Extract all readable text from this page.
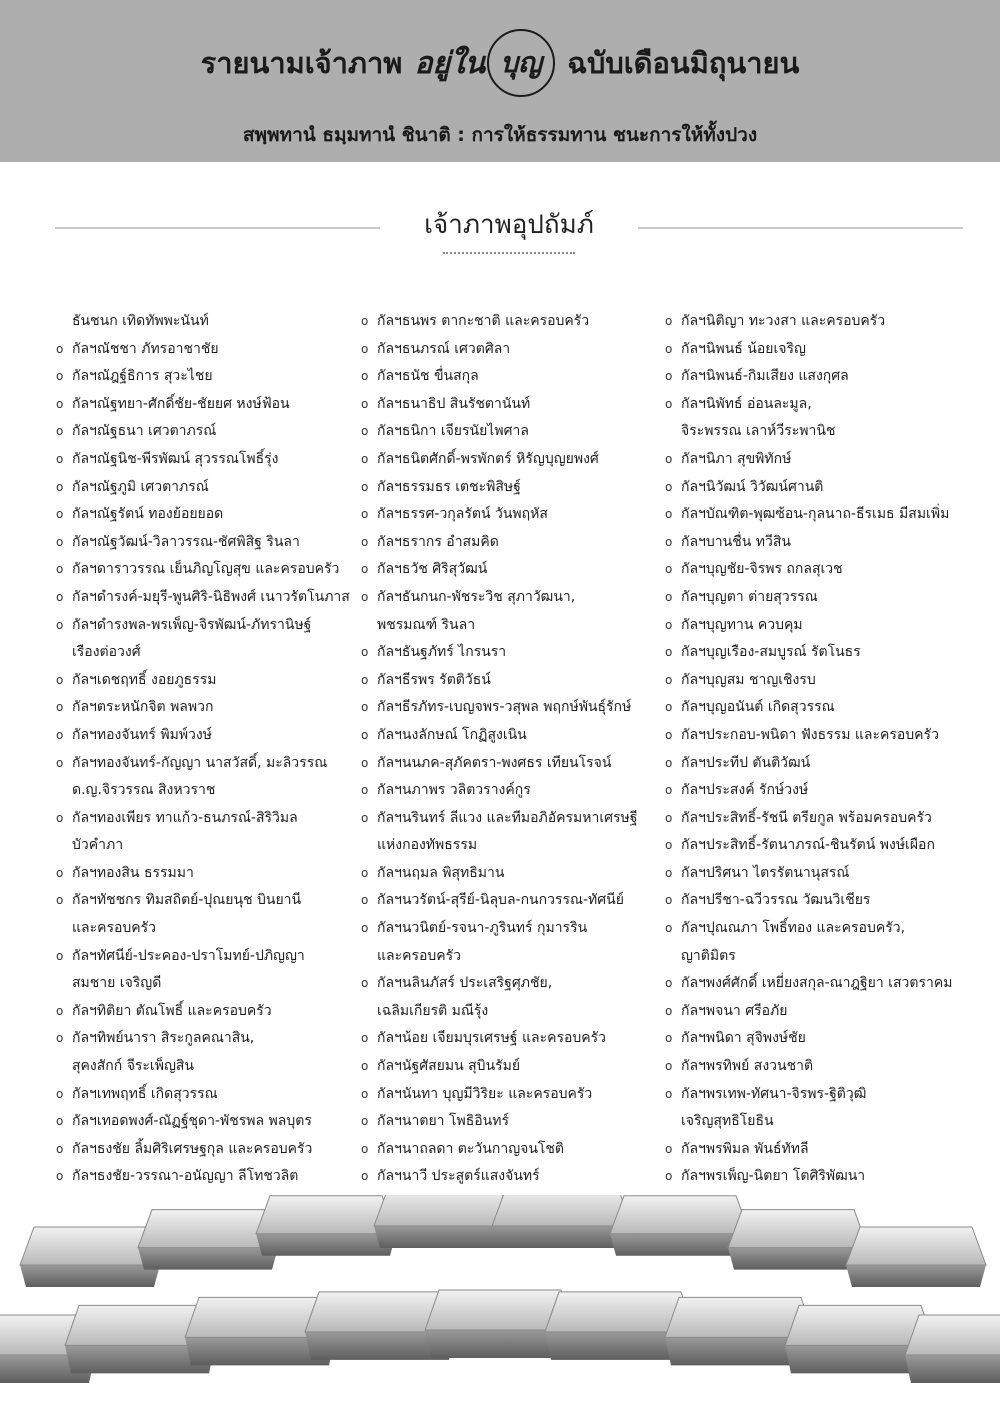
รายนามเจ้าภาพ อยู่ใน บุญ ฉบับเดือนมิถุนายน
สพฺพทานํ ธมฺมทานํ ชินาติ : การให้ธรรมทาน ชนะการให้ทั้งปวง
เจ้าภาพอุปถัมภ์
ธันชนก เทิดทัพพะนันท์
o กัลฯณัชชา ภัทรอาชาชัย
o กัลฯณัฎฐ์ธิการ สุวะไชย
o กัลฯณัฐทยา-ศักดิ์ชัย-ชัยยศ หงษ์ฟ้อน
o กัลฯณัฐธนา เศวตาภรณ์
o กัลฯณัฐนิช-พีรพัฒน์ สุวรรณโพธิ์รุ่ง
o กัลฯณัฐภูมิ เศวตาภรณ์
o กัลฯณัฐรัตน์ ทองย้อยยอด
o กัลฯณัฐวัฒน์-วิลาวรรณ-ชัศพิสิฐ รินลา
o กัลฯดาราวรรณ เย็นภิญโญสุข และครอบครัว
o กัลฯดำรงค์-มยุรี-พูนศิริ-นิธิพงศ์ เนาวรัตโนภาส
o กัลฯดำรงพล-พรเพ็ญ-จิรพัฒน์-ภัทรานิษฐ์
เรืองต่อวงศ์
o กัลฯเดชฤทธิ์ งอยภูธรรม
o กัลฯตระหนักจิต พลพวก
o กัลฯทองจันทร์ พิมพ์วงษ์
o กัลฯทองจันทร์-กัญญา นาสวัสดิ์, มะลิวรรณ
ด.ญ.จิรวรรณ สิงหวราช
o กัลฯทองเพียร ทาแก้ว-ธนภรณ์-สิริวิมล
บัวคำภา
o กัลฯทองสิน ธรรมมา
o กัลฯทัชชกร ทิมสถิตย์-ปุณยนุช บินยานี
และครอบครัว
o กัลฯทัศนีย์-ประคอง-ปราโมทย์-ปภิญญา
สมชาย เจริญดี
o กัลฯทิติยา ตัณโพธิ์ และครอบครัว
o กัลฯทิพย์นารา สิระกูลคณาสิน,
สุคงสักก์ จีระเพ็ญสิน
o กัลฯเทพฤทธิ์ เกิดสุวรรณ
o กัลฯเทอดพงศ์-ณัฏฐ์ชุดา-พัชรพล พลบุตร
o กัลฯธงชัย ลิ้มศิริเศรษฐกุล และครอบครัว
o กัลฯธงชัย-วรรณา-อนัญญา ลีโทชวลิต
o กัลฯธนพร ตากะชาติ และครอบครัว
o กัลฯธนภรณ์ เศวตศิลา
o กัลฯธนัช ขื่นสกุล
o กัลฯธนาธิป สินรัชตานันท์
o กัลฯธนิกา เจียรนัยไพศาล
o กัลฯธนิตศักดิ์-พรพักตร์ หิรัญบุญยพงศ์
o กัลฯธรรมธร เตชะพิสิษฐ์
o กัลฯธรรศ-วกุลรัตน์ วันพฤหัส
o กัลฯธรากร อำสมคิด
o กัลฯธวัช ศิริสุวัฒน์
o กัลฯธันกนก-พัชระวิช สุภาวัฒนา,
พชรมณฑ์ รินลา
o กัลฯธันฐภัทร์ ไกรนรา
o กัลฯธีรพร รัตติวัธน์
o กัลฯธีรภัทร-เบญจพร-วสุพล พฤกษ์พันธุ์รักษ์
o กัลฯนงลักษณ์ โกฏิสูงเนิน
o กัลฯนนภค-สุภัคตรา-พงศธร เทียนโรจน์
o กัลฯนภาพร วลิตวรางค์กูร
o กัลฯนรินทร์ ลีแวง และทีมอภิอัครมหาเศรษฐี
แห่งกองทัพธรรม
o กัลฯนฤมล พิสุทธิมาน
o กัลฯนวรัตน์-สุรีย์-นิลุบล-กนกวรรณ-ทัศนีย์
o กัลฯนวนิตย์-รจนา-ภูรินทร์ กุมารริน
และครอบครัว
o กัลฯนลินภัสร์ ประเสริฐศุภชัย,
เฉลิมเกียรติ มณีรุ้ง
o กัลฯน้อย เจียมบุรเศรษฐ์ และครอบครัว
o กัลฯนัฐศัสยมน สุบินรัมย์
o กัลฯนันทา บุญมีวิริยะ และครอบครัว
o กัลฯนาตยา โพธิอินทร์
o กัลฯนาถลดา ตะวันกาญจนโชติ
o กัลฯนาวี ประสูตร์แสงจันทร์
o กัลฯนิติญา ทะวงสา และครอบครัว
o กัลฯนิพนธ์ น้อยเจริญ
o กัลฯนิพนธ์-กิมเสียง แสงกุศล
o กัลฯนิพัทธ์ อ่อนละมูล,
จิระพรรณ เลาห์วีระพานิช
o กัลฯนิภา สุขพิทักษ์
o กัลฯนิวัฒน์ วิวัฒน์ศานติ
o กัลฯบัณฑิต-พุฒซ้อน-กุลนาถ-ธีรเมธ มีสมเพิ่ม
o กัลฯบานชื่น ทวีสิน
o กัลฯบุญชัย-จิรพร ถกลสุเวช
o กัลฯบุญตา ต่ายสุวรรณ
o กัลฯบุญทาน ควบคุม
o กัลฯบุญเรือง-สมบูรณ์ รัตโนธร
o กัลฯบุญสม ชาญเชิงรบ
o กัลฯบุญอนันต์ เกิดสุวรรณ
o กัลฯประกอบ-พนิดา ฟังธรรม และครอบครัว
o กัลฯประทีป ตันติวัฒน์
o กัลฯประสงค์ รักษ์วงษ์
o กัลฯประสิทธิ์-รัชนี ตรียกูล พร้อมครอบครัว
o กัลฯประสิทธิ์-รัตนาภรณ์-ชินรัตน์ พงษ์เผือก
o กัลฯปริศนา ไตรรัตนานุสรณ์
o กัลฯปรีชา-ฉวีวรรณ วัฒนวิเชียร
o กัลฯปุณณภา โพธิ์ทอง และครอบครัว,
ญาติมิตร
o กัลฯพงศ์ศักดิ์ เหยี่ยงสกุล-ณาฎฐิยา เสวตราคม
o กัลฯพจนา ศรีอภัย
o กัลฯพนิดา สุจิพงษ์ชัย
o กัลฯพรทิพย์ สงวนชาติ
o กัลฯพรเทพ-ทัศนา-จิรพร-ฐิติวุฒิ
เจริญสุทธิโยธิน
o กัลฯพรพิมล พันธ์ทัทลี
o กัลฯพรเพ็ญ-นิตยา โตศิริพัฒนา
